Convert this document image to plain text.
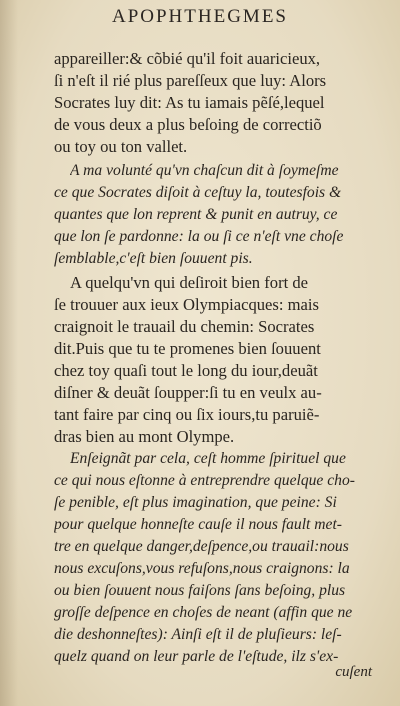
APOPHTHEGMES
appareiller:& cõbié qu'il foit auaricieux,
ſi n'eſt il rié plus pareſſeux que luy: Alors
Socrates luy dit: As tu iamais pẽſé,lequel
de vous deux a plus beſoing de correctiõ
ou toy ou ton vallet.
A ma volunté qu'vn chaſcun dit à ſoymeſme
ce que Socrates diſoit à ceſtuy la, toutesfois &
quantes que lon reprent & punit en autruy, ce
que lon ſe pardonne: la ou ſi ce n'eſt vne choſe
ſemblable,c'eſt bien ſouuent pis.
A quelqu'vn qui deſiroit bien fort de
ſe trouuer aux ieux Olympiacques: mais
craignoit le trauail du chemin: Socrates
dit.Puis que tu te promenes bien ſouuent
chez toy quaſi tout le long du iour,deuãt
diſner & deuãt ſoupper:ſi tu en veulx au-
tant faire par cinq ou ſix iours,tu paruiẽ-
dras bien au mont Olympe.
Enſeignãt par cela, ceſt homme ſpirituel que
ce qui nous eſtonne à entreprendre quelque cho-
ſe penible, eſt plus imagination, que peine: Si
pour quelque honneſte cauſe il nous fault met-
tre en quelque danger,deſpence,ou trauail:nous
nous excuſons,vous refuſons,nous craignons: la
ou bien ſouuent nous faiſons ſans beſoing, plus
groſſe deſpence en choſes de neant (affin que ne
die deshonneſtes): Ainſi eſt il de pluſieurs: leſ-
quelz quand on leur parle de l'eſtude, ilz s'ex-
cuſent
